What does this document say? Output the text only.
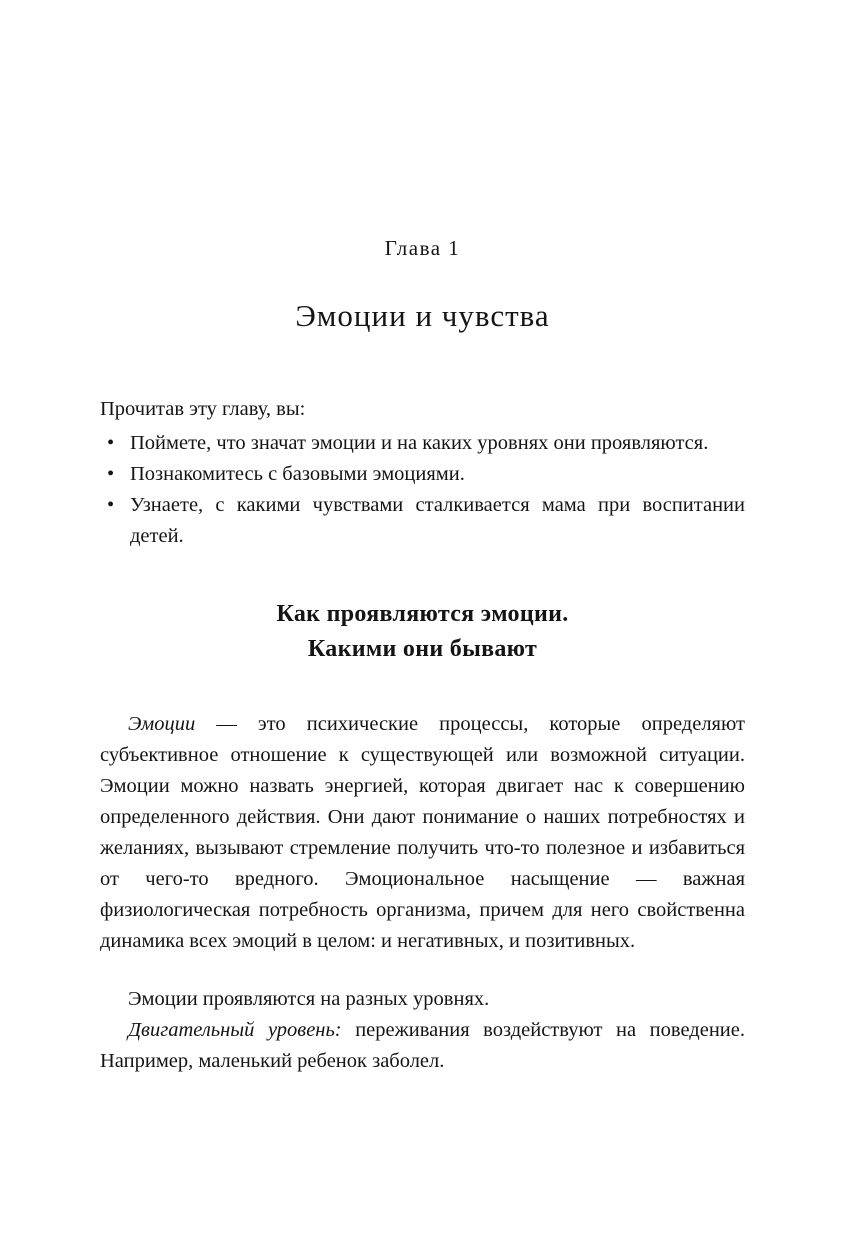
Глава 1
Эмоции и чувства

Прочитав эту главу, вы:

• Поймете, что значат эмоции и на каких уровнях они проявляются.
• Познакомитесь с базовыми эмоциями.
• Узнаете, с какими чувствами сталкивается мама при воспитании детей.
Как проявляются эмоции.
Какими они бывают

Эмоции — это психические процессы, которые определяют субъективное отношение к существующей или возможной ситуации. Эмоции можно назвать энергией, которая двигает нас к совершению определенного действия. Они дают понимание о наших потребностях и желаниях, вызывают стремление получить что-то полезное и избавиться от чего-то вредного. Эмоциональное насыщение — важная физиологическая потребность организма, причем для него свойственна динамика всех эмоций в целом: и негативных, и позитивных.

Эмоции проявляются на разных уровнях.

Двигательный уровень: переживания воздействуют на поведение. Например, маленький ребенок заболел.
